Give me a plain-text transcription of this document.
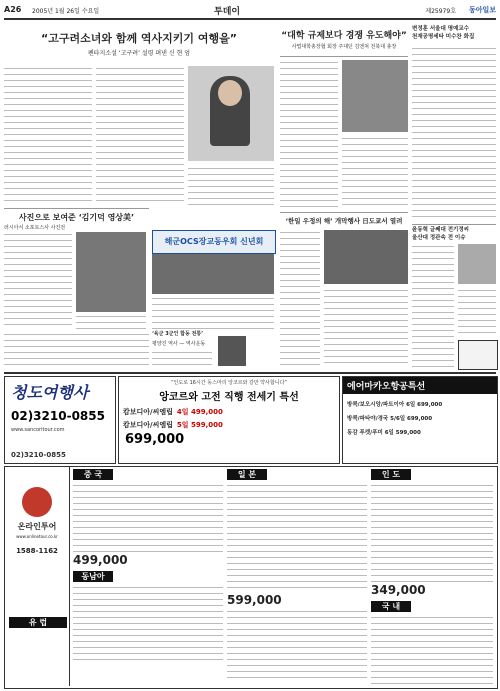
A26 2005년 1월 26일 수요일	투데이	제25979호 동아일보
“고구려소녀와 함께 역사지키기 여행을”
펜타지소설 ‘고구려’ 설령 펴낸 신 현 엄
사진으로 보여준 ‘김기덕 영상美’
러시아서 소포토스사 사진전
해군OCS장교동우회 신년회
‘육군 3군인 합동 전통’
평양진 역사 — 역사운동
“대학 규제보다 경쟁 유도해야”
사법대학총장협 회장 주대던 김엔쳐 전북대 총장
‘한일 우정의 해’ 개막행사 日도쿄서 열려
변정훈 서울대 명예교수
천재공명세타 미수찬 화집
윤동혁 글쎄대 전기정씨
울산대 정관속 전 이슈
청도여행사
02)3210-0855
www.sancoritour.com
02)3210-0855
“인도로 16시간 동스마리 앙코르와 갈만 약사합니다”
앙코르와 고전 직행 전세기 특선
캄보디아/씨엠립 4일 499,000
캄보디아/씨엠립 5일 599,000
699,000
에어마카오항공특선
방콕/보오시앙/파트이아 6일 699,000
방콕/파타야/경국 5/6일 699,000
동감 푸켓/푸미 6일 599,000
온라인투어
www.onlinetour.co.kr
1588-1162
중 국
499,000
동남아
일 본
599,000
인 도
349,000
국 내
유 럽
